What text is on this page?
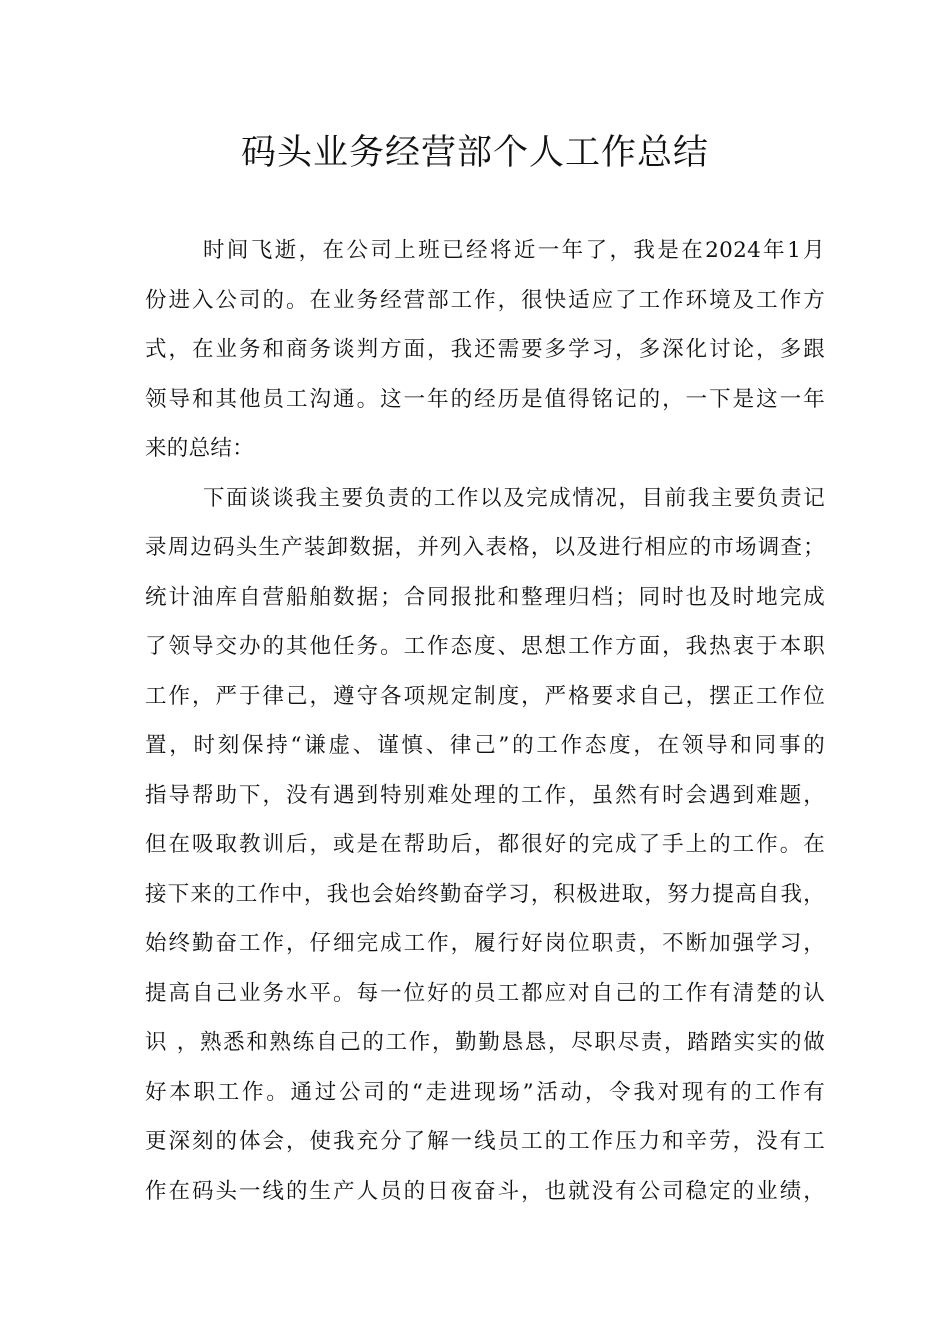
码头业务经营部个人工作总结
时间飞逝，在公司上班已经将近一年了，我是在2024年1月
份进入公司的。在业务经营部工作，很快适应了工作环境及工作方
式，在业务和商务谈判方面，我还需要多学习，多深化讨论，多跟
领导和其他员工沟通。这一年的经历是值得铭记的，一下是这一年
来的总结：
下面谈谈我主要负责的工作以及完成情况，目前我主要负责记
录周边码头生产装卸数据，并列入表格，以及进行相应的市场调查；
统计油库自营船舶数据；合同报批和整理归档；同时也及时地完成
了领导交办的其他任务。工作态度、思想工作方面，我热衷于本职
工作，严于律己，遵守各项规定制度，严格要求自己，摆正工作位
置，时刻保持“谦虚、谨慎、律己”的工作态度，在领导和同事的
指导帮助下，没有遇到特别难处理的工作，虽然有时会遇到难题，
但在吸取教训后，或是在帮助后，都很好的完成了手上的工作。在
接下来的工作中，我也会始终勤奋学习，积极进取，努力提高自我，
始终勤奋工作，仔细完成工作，履行好岗位职责，不断加强学习，
提高自己业务水平。每一位好的员工都应对自己的工作有清楚的认
识 ，熟悉和熟练自己的工作，勤勤恳恳，尽职尽责，踏踏实实的做
好本职工作。通过公司的“走进现场”活动，令我对现有的工作有
更深刻的体会，使我充分了解一线员工的工作压力和辛劳，没有工
作在码头一线的生产人员的日夜奋斗，也就没有公司稳定的业绩，
